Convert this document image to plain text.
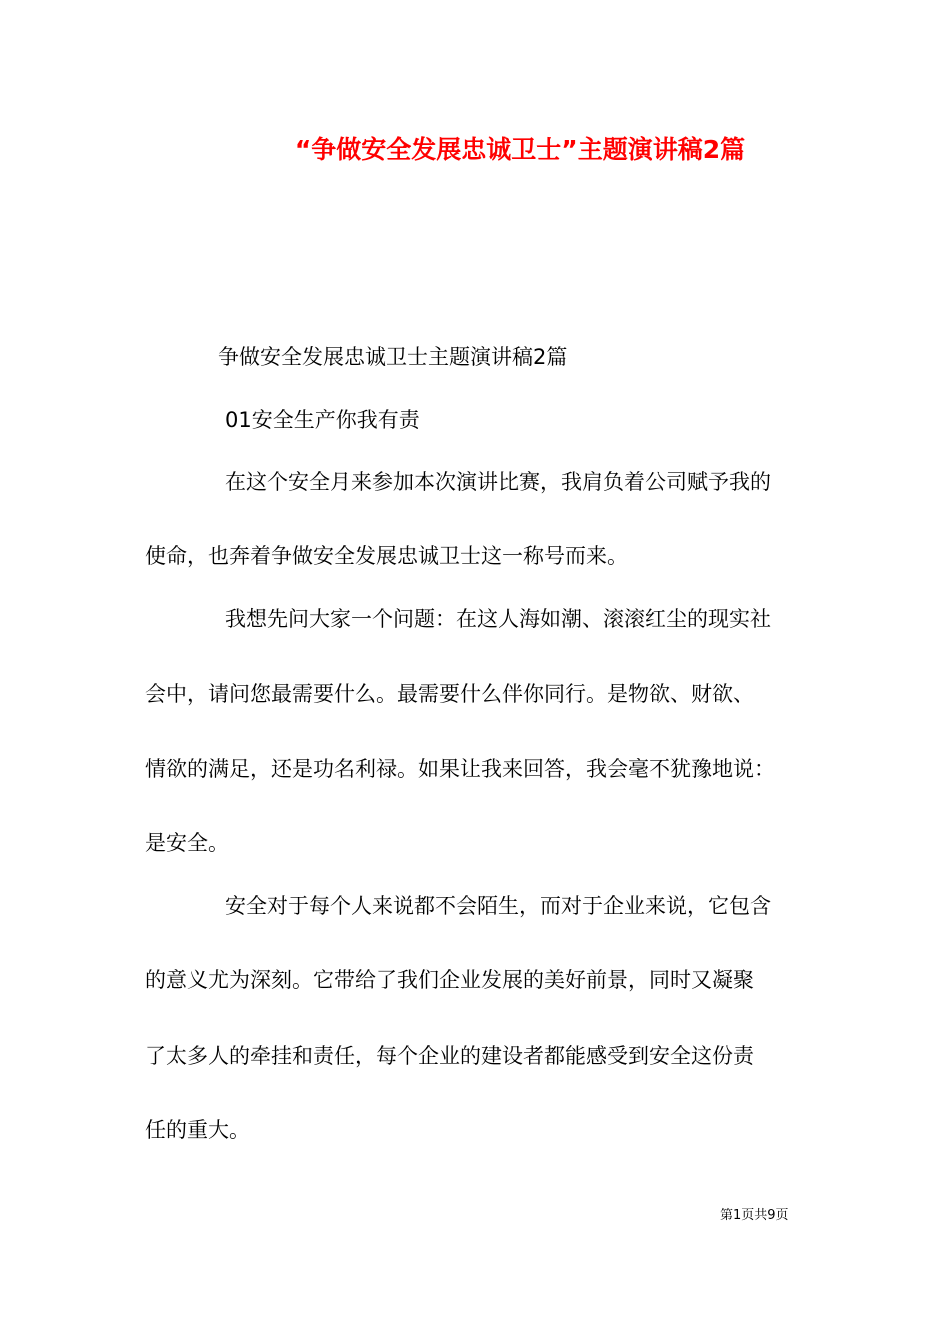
“争做安全发展忠诚卫士”主题演讲稿2篇
争做安全发展忠诚卫士主题演讲稿2篇
01安全生产你我有责
在这个安全月来参加本次演讲比赛，我肩负着公司赋予我的
使命，也奔着争做安全发展忠诚卫士这一称号而来。
我想先问大家一个问题：在这人海如潮、滚滚红尘的现实社
会中，请问您最需要什么。最需要什么伴你同行。是物欲、财欲、
情欲的满足，还是功名利禄。如果让我来回答，我会毫不犹豫地说：
是安全。
安全对于每个人来说都不会陌生，而对于企业来说，它包含
的意义尤为深刻。它带给了我们企业发展的美好前景，同时又凝聚
了太多人的牵挂和责任，每个企业的建设者都能感受到安全这份责
任的重大。
第1页共9页
